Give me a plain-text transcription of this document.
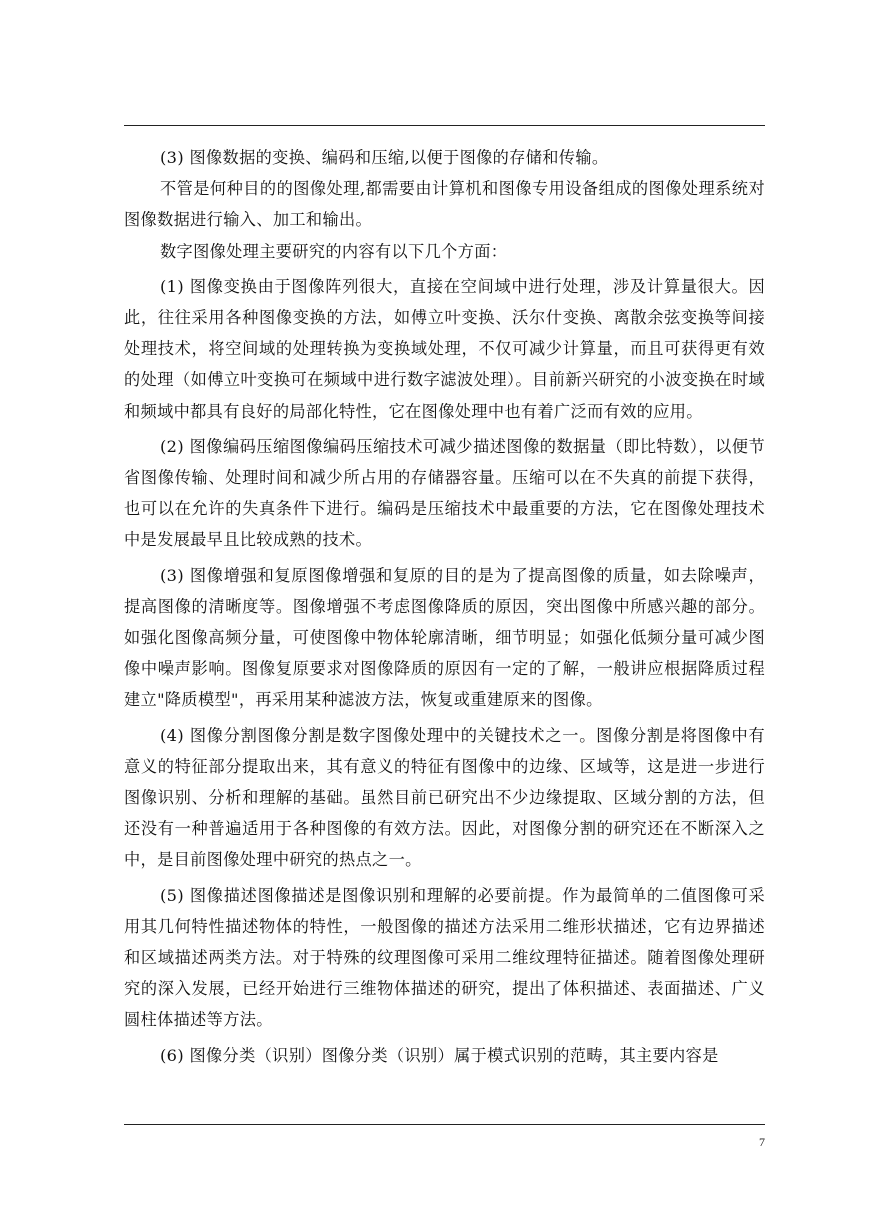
(3) 图像数据的变换、编码和压缩,以便于图像的存储和传输。

不管是何种目的的图像处理,都需要由计算机和图像专用设备组成的图像处理系统对图像数据进行输入、加工和输出。

数字图像处理主要研究的内容有以下几个方面：

(1) 图像变换由于图像阵列很大，直接在空间域中进行处理，涉及计算量很大。因此，往往采用各种图像变换的方法，如傅立叶变换、沃尔什变换、离散余弦变换等间接处理技术，将空间域的处理转换为变换域处理，不仅可减少计算量，而且可获得更有效的处理（如傅立叶变换可在频域中进行数字滤波处理）。目前新兴研究的小波变换在时域和频域中都具有良好的局部化特性，它在图像处理中也有着广泛而有效的应用。

(2) 图像编码压缩图像编码压缩技术可减少描述图像的数据量（即比特数），以便节省图像传输、处理时间和减少所占用的存储器容量。压缩可以在不失真的前提下获得，也可以在允许的失真条件下进行。编码是压缩技术中最重要的方法，它在图像处理技术中是发展最早且比较成熟的技术。

(3) 图像增强和复原图像增强和复原的目的是为了提高图像的质量，如去除噪声，提高图像的清晰度等。图像增强不考虑图像降质的原因，突出图像中所感兴趣的部分。如强化图像高频分量，可使图像中物体轮廓清晰，细节明显；如强化低频分量可减少图像中噪声影响。图像复原要求对图像降质的原因有一定的了解，一般讲应根据降质过程建立"降质模型"，再采用某种滤波方法，恢复或重建原来的图像。

(4) 图像分割图像分割是数字图像处理中的关键技术之一。图像分割是将图像中有意义的特征部分提取出来，其有意义的特征有图像中的边缘、区域等，这是进一步进行图像识别、分析和理解的基础。虽然目前已研究出不少边缘提取、区域分割的方法，但还没有一种普遍适用于各种图像的有效方法。因此，对图像分割的研究还在不断深入之中，是目前图像处理中研究的热点之一。

(5) 图像描述图像描述是图像识别和理解的必要前提。作为最简单的二值图像可采用其几何特性描述物体的特性，一般图像的描述方法采用二维形状描述，它有边界描述和区域描述两类方法。对于特殊的纹理图像可采用二维纹理特征描述。随着图像处理研究的深入发展，已经开始进行三维物体描述的研究，提出了体积描述、表面描述、广义圆柱体描述等方法。

(6) 图像分类（识别）图像分类（识别）属于模式识别的范畴，其主要内容是

7
